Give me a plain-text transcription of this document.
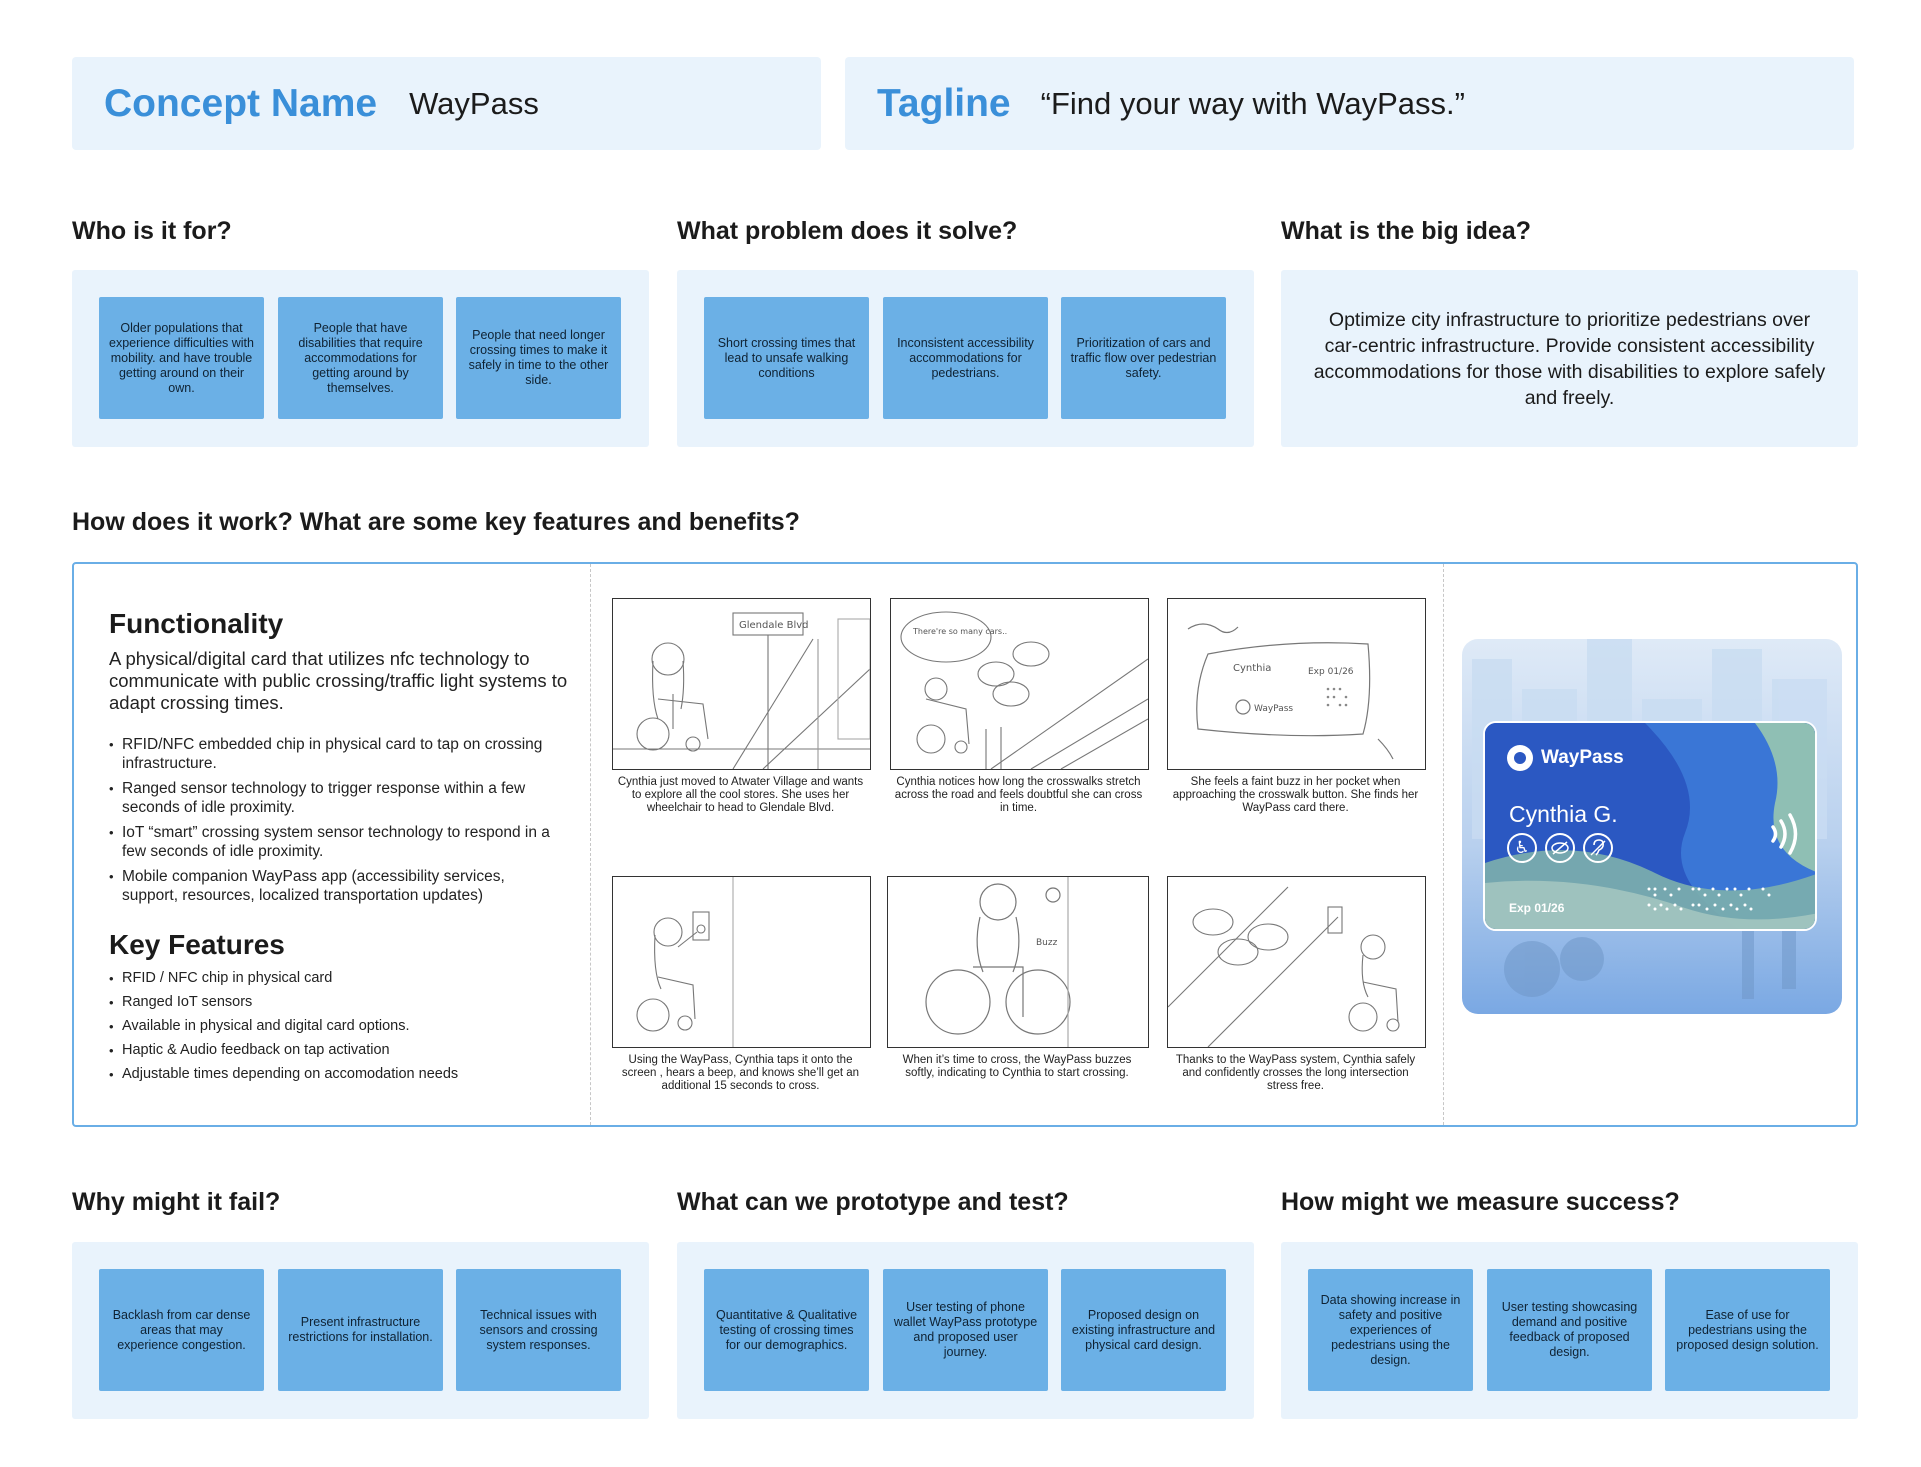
Concept Name WayPass	Tagline “Find your way with WayPass.”
Who is it for?	What problem does it solve?	What is the big idea?
Older populations that experience difficulties with mobility. and have trouble getting around on their own.
People that have disabilities that require accommodations for getting around by themselves.
People that need longer crossing times to make it safely in time to the other side.
Short crossing times that lead to unsafe walking conditions
Inconsistent accessibility accommodations for pedestrians.
Prioritization of cars and traffic flow over pedestrian safety.
Optimize city infrastructure to prioritize pedestrians over car-centric infrastructure. Provide consistent accessibility accommodations for those with disabilities to explore safely and freely.
How does it work? What are some key features and benefits?
Functionality
A physical/digital card that utilizes nfc technology to communicate with public crossing/traffic light systems to adapt crossing times.
• RFID/NFC embedded chip in physical card to tap on crossing infrastructure.
• Ranged sensor technology to trigger response within a few seconds of idle proximity.
• IoT “smart” crossing system sensor technology to respond in a few seconds of idle proximity.
• Mobile companion WayPass app (accessibility services, support, resources, localized transportation updates)
Key Features
• RFID / NFC chip in physical card
• Ranged IoT sensors
• Available in physical and digital card options.
• Haptic & Audio feedback on tap activation
• Adjustable times depending on accomodation needs
Glendale Blvd
Cynthia just moved to Atwater Village and wants to explore all the cool stores. She uses her wheelchair to head to Glendale Blvd.
There're so many cars..
Cynthia notices how long the crosswalks stretch across the road and feels doubtful she can cross in time.
Cynthia	Exp 01/26
WayPass
She feels a faint buzz in her pocket when approaching the crosswalk button. She finds her WayPass card there.
Using the WayPass, Cynthia taps it onto the screen , hears a beep, and knows she’ll get an additional 15 seconds to cross.
Buzz
When it’s time to cross, the WayPass buzzes softly, indicating to Cynthia to start crossing.
Thanks to the WayPass system, Cynthia safely and confidently crosses the long intersection stress free.
WayPass
Cynthia G.
♿
Exp 01/26
Why might it fail?	What can we prototype and test?	How might we measure success?
Backlash from car dense areas that may experience congestion.
Present infrastructure restrictions for installation.
Technical issues with sensors and crossing system responses.
Quantitative & Qualitative testing of crossing times for our demographics.
User testing of phone wallet WayPass prototype and proposed user journey.
Proposed design on existing infrastructure and physical card design.
Data showing increase in safety and positive experiences of pedestrians using the design.
User testing showcasing demand and positive feedback of proposed design.
Ease of use for pedestrians using the proposed design solution.
